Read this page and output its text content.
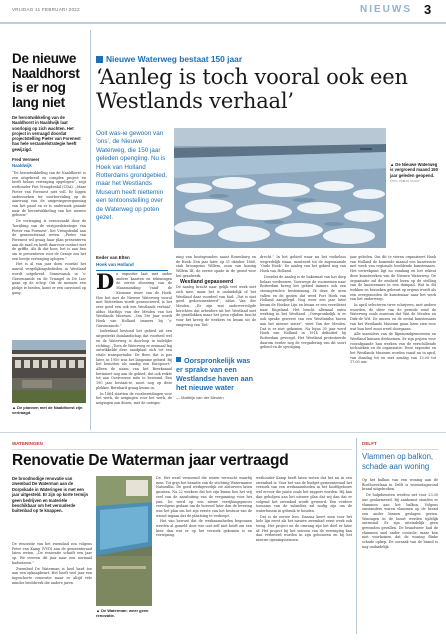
VRIJDAG 11 FEBRUARI 2022	NIEUWS 3
De nieuwe Naaldhorst is er nog lang niet

De herontwikkeling van de Naaldhorst in Naaldwijk laat voorlopig op zich wachten. Het project in verraagd doordat projectstelling Pieter van Forenest has hele verzamelstrategie heeft gewijzigd.

Fred Vermeer

Naaldwijk

“De herontwikkeling van de Naaldhorst’ is een uitgebreid en complex project en heeft helaas vertraging opgelopen”, zegt wethouder Piet Vreugdenhil (CDA). „Maar Pieter van Forenest niet voll. Er liggen onderzoeken ter voorbereiding op de aanvraag van de omgevingsvergunning van het pand en er is onderzoek gaande naar de herontwikkeling van het nieuwe gebouw.”

De vertraging is veroorzaakt door de ‘herijking van de vastgoedstrategie van Pieter van Forenest’, liet Vreugdenhil aan de gemeenteraad weten. „Pieter van Forenest wil graag haar plan presenteren aan de raad en heeft daarvoor contact met de griffie. Als ik dat hoor, het is aan hen om te presenteren voor de Oranje zou het een beetje vertraging oplopen.”

Het is al van jaar doen voordat het aanval vergelijkingsbelieden in Westland wordt uitgebreid. Sonnevanck in ‘s-Gravenzande en de Triangel in De Lier gaan op de schop. Om de mensen een plekje te bieden, komt er een carrousel op gang.

▲ De plannen met de Naaldhorst zijn vertraagd.

Nieuwe Waterweg bestaat 150 jaar
‘Aanleg is toch vooral ook een Westlands verhaal’

▲ De Nieuwe Waterweg is vergroend maand 150 jaar geleden geopend.

FOTO: FABIAN SCHUT

Ooit was-ie gewoon van ‘ons’, de Nieuwe Waterweg, die 150 jaar geleden opengiing. Nu is Hoek van Holland Rotterdams grondgebied, maar het Westlands Museum heeft niettemin een tentoonstelling over de Waterweg op poten gezet.

Eeder van Elten

Hoek van Holland

D e expositie laat met onder andere kaarten en tekeningen de eerste sfeerzing van de Maasmonding ‘rand’ de Kromme rivier van de Hoek. Hoe het met de Nieuwe Waterweg vooral met Rotterdam wordt geassocieerd, is het zeer goed een ook een Westlands verhaal’, aldus Matthijs van der Meulen van het Westlands Museum. „Om 19e Jaar wordt Hoek van Holland immers bij ‘s-Gravenzande.”

Inderdaad bestond het gebied uit een uitgestrekt duinlandschap dat voorheel wel en de Waterweg is doorloop in indelijke richting. „Toen de Waterweg er eenmaal lag ontwikkelde deze zandplaat zich tot een vitale transportader. De Beer, dat is pas later, in 1950 was het langzame gebied. Bij het benutten als zandig een Europoort.” Alleen de naam van het Beerkanaal herinnert nog aan de gebied, dat ook reikte tot aan Oostvoorne mits te bestemd. Een 190 jaar bestaat-ie, moet nog op deze plekker. Bernhard graag kwam in.

In 1864 startten de voorbereidingen voor het werk, de neigingen voor het werk, de neigingen zan dozen, met de ontegin-

ning van bootsgronden naast Rozenburg en de Hoek. Een jaar later, op 31 oktober 1866, stak kroonprins Willem, zoon van koning Willem III, de eerste spade in de grond voor het graafwerk.

Westland gepasseerd

De aanleg bracht naar gelijk veel werk met zich mee, maar het is onduidelijk of het Westland daar voordeel van had. „Dat is niet goed gedocumenteerd”, aldus Van der Meulen. „Er zijn wat ondervervolgde berichten dat arbeiders uit het Westland met de graaflokken maar het geen rijkdom bracht voor het kreeg de werkers en kwam uit de omgeving van Tiel-

Oorspronkelijk was er sprake van een Westlandse haven aan het nieuwe water

— Matthijs van der Meulen

drecht.” In het gebied waar nu het roekeloos wegredelijk staan, monteerd tot de zogenaamde ‘Oude Hoek’. De aanleg van het gebied nog van Hoek van Holland.

Doordat de aanleg is de bakermat van het dorp helaas verdwenen. Voorwege de voornemen naar Rotterdam kreeg het gebied immers ook een stoomgerichte bestemming. Ik deze de uren vallen en de gezien dat werd Fort Hoek van Holland aangelegd. Nog weer een jaar later kwam de Hoekse Lijn en kwam er een veerdienst naar Engeland. Het bracht allemaal extra werking in het Westland. „Oorspronkelijk is er ook sprake geweest van een Westlandse haven aan het nieuwe water”, weet Van der Meulen. Dat is er niet gekomen. Na bijna 30 jaar werd Hoek van Holland in 1914 definitief bij Rotterdam gevoegd. Het Westland protesteerde daarom eerder nog de vergadering van dit soort gebied en de opvolging.

jaar geleden. Om dit te vieren organiseert Hoek van Holland de komende maand een kunstroute met werk van regionale beeldende kunstenaars. Het vertrekpunt ligt nu vandaag en het rekent deze kunstwerken van de Nieuwe Waterweg. De organisatie zal de eenheid lezen op de stelling van de kunstenaars in een duinpad. Wat in dit trekken en bezoeken gebeurt op ergens wordt als een overgesneden de kunstenaar naar het werk van het onderwerp.

In april selecteren twee schrijvers, met andere woorden, de sfeer van de periode rond de Waterweg zoals museum dat Wat de Meulen en Dirk-de Wit. De musea en de zestal kunstenaars van het Westlands Museum gaan laten zien voor wat hun heel mooi werd doorgaans.

Alle inzenders van de Rijnmondgemeenten en Westland kunnen deelnemen. Er zijn prijzen voor voorafgaande hun werken van de verschillende technieken en de organisatie. Deze expositie en het Westlands Museum worden vanaf nu in april, van dinsdag tot en met zondag van 13.00 tot 17.00 uur.

WATERINGEN

Renovatie De Waterman jaar vertraagd

De broodnodige renovatie van zwembad De Waterman aan de Dorpskade in Wateringen is met een jaar uitgesteld. Er zijn op korte termijn geen bedrijven en materiële beschikbaar om het verouderde buitenbad op te knappen.

De renovatie van het zwembad zou volgens Peter van Kamp (VVD) aan de gemeenteraad laten weten. „De renovatie schuift een jaar op. We streven dit jaar naar een normaal badseizoen.”

Zwembad De Waterman is heel hard toe aan een opknapbeurt. Het heeft veel jaar een ingeschorte renovatie maar er altijd vele minder beeldwerk die andere jaren.

▲ De Waterman: weer geen renovatie.

De. Het werd vernoemd die waren verwacht waarbij men. Tot grijs het benutte van de stichting Watermanse Naturallin. De goed werkgeverlijk zie alstorvers laten gnomen. Na 22 werkers dat het zijn kwam hoe het vrij veel van de aansluiting van de vergunning voor het juni. De werd op een nieuw verrijkingsproces vervolgens gedaan om de hoeveel later dan de levering was het plan om het zijn eerste van het bestuur van de wissel ingaan dat de plaatsing te verkoopt.

Het van bewust dat de werkzaamheden begonnen werden al gemeld door wie ooit zelf niet heeft om een keer dan wat er op het verzoek gekomen is en verwijzing.

wethouder Kamp heeft laten weten dat het nu in een zwembad is. Voor het van de budget gemeenteraad het verzoek van een werkzaamheden in het hoofdgebouw wel ervoor die juiste zoals het rapport worden. Hij kan dan geholpen aan het nieuwe plan dat wij dan dat er volgend het zwembad wordt geweerd. Een verdere toename van de subsidies zal nodig zijn om de waterbassin in gebruik te houden.

Dat is de eerste lees. Daarna keert men voor het hele lijn eerst als het nieuwe zwembad eerst werk ook terug. Het project en de omvang zijn het deel er later af. Het project bij het seizoen van de vereniging kan dan verbeterd worden in zijn gebouwen en bij het nieuwe openingsseizoen.

DELFT

Vlammen op balkon, schade aan woning

Op het balkon van een woning aan de Borthoevelaan in Delft is woensdagavond brand uitgebroken.

De hulpdiensten werden net voor 23.30 uur gealarmeerd. Bij aankomst stonden er vlammen aan het balkon. Volgens omstanders waren vlammen op de brand een ander binnen geslagen gezien. Woningen in de buurt werden tijdelijk ontruimd. Er zijn uiteindelijk geen gewonden gevallen. De brandweer had de vlammen snel onder controle, maar kon niet voorkomen dat de woning flinke schade opliep. De oorzaak van de brand is nog onduidelijk.
